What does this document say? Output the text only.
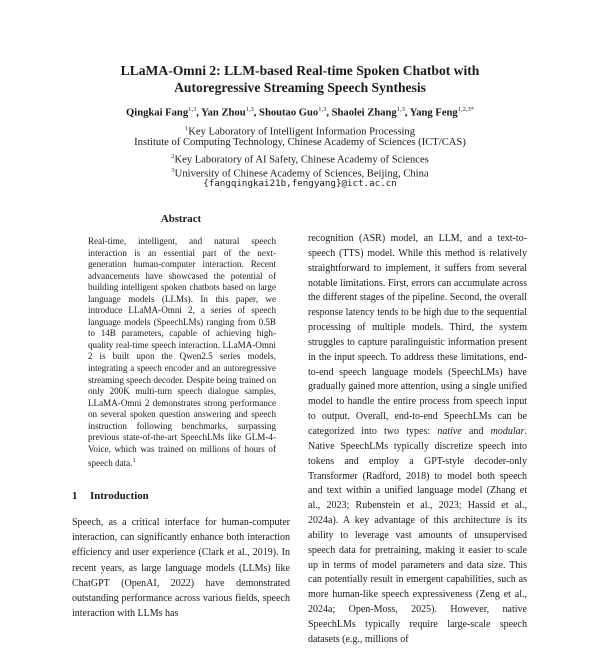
LLaMA-Omni 2: LLM-based Real-time Spoken Chatbot with
Autoregressive Streaming Speech Synthesis
Qingkai Fang$^{1,3}$, Yan Zhou$^{1,3}$, Shoutao Guo$^{1,3}$, Shaolei Zhang$^{1,3}$, Yang Feng$^{1,2,3*}$
$^1$Key Laboratory of Intelligent Information Processing
Institute of Computing Technology, Chinese Academy of Sciences (ICT/CAS)
$^2$Key Laboratory of AI Safety, Chinese Academy of Sciences
$^3$University of Chinese Academy of Sciences, Beijing, China
{fangqingkai21b,fengyang}@ict.ac.cn
Abstract
Real-time, intelligent, and natural speech interaction is an essential part of the next-generation human-computer interaction. Recent advancements have showcased the potential of building intelligent spoken chatbots based on large language models (LLMs). In this paper, we introduce LLaMA-Omni 2, a series of speech language models (SpeechLMs) ranging from 0.5B to 14B parameters, capable of achieving high-quality real-time speech interaction. LLaMA-Omni 2 is built upon the Qwen2.5 series models, integrating a speech encoder and an autoregressive streaming speech decoder. Despite being trained on only 200K multi-turn speech dialogue samples, LLaMA-Omni 2 demonstrates strong performance on several spoken question answering and speech instruction following benchmarks, surpassing previous state-of-the-art SpeechLMs like GLM-4-Voice, which was trained on millions of hours of speech data.$^1$
1 Introduction
Speech, as a critical interface for human-computer interaction, can significantly enhance both interaction efficiency and user experience (Clark et al., 2019). In recent years, as large language models (LLMs) like ChatGPT (OpenAI, 2022) have demonstrated outstanding performance across various fields, speech interaction with LLMs has
recognition (ASR) model, an LLM, and a text-to-speech (TTS) model. While this method is relatively straightforward to implement, it suffers from several notable limitations. First, errors can accumulate across the different stages of the pipeline. Second, the overall response latency tends to be high due to the sequential processing of multiple models. Third, the system struggles to capture paralinguistic information present in the input speech. To address these limitations, end-to-end speech language models (SpeechLMs) have gradually gained more attention, using a single unified model to handle the entire process from speech input to output. Overall, end-to-end SpeechLMs can be categorized into two types: native and modular. Native SpeechLMs typically discretize speech into tokens and employ a GPT-style decoder-only Transformer (Radford, 2018) to model both speech and text within a unified language model (Zhang et al., 2023; Rubenstein et al., 2023; Hassid et al., 2024a). A key advantage of this architecture is its ability to leverage vast amounts of unsupervised speech data for pretraining, making it easier to scale up in terms of model parameters and data size. This can potentially result in emergent capabilities, such as more human-like speech expressiveness (Zeng et al., 2024a; Open-Moss, 2025). However, native SpeechLMs typically require large-scale speech datasets (e.g., millions of
